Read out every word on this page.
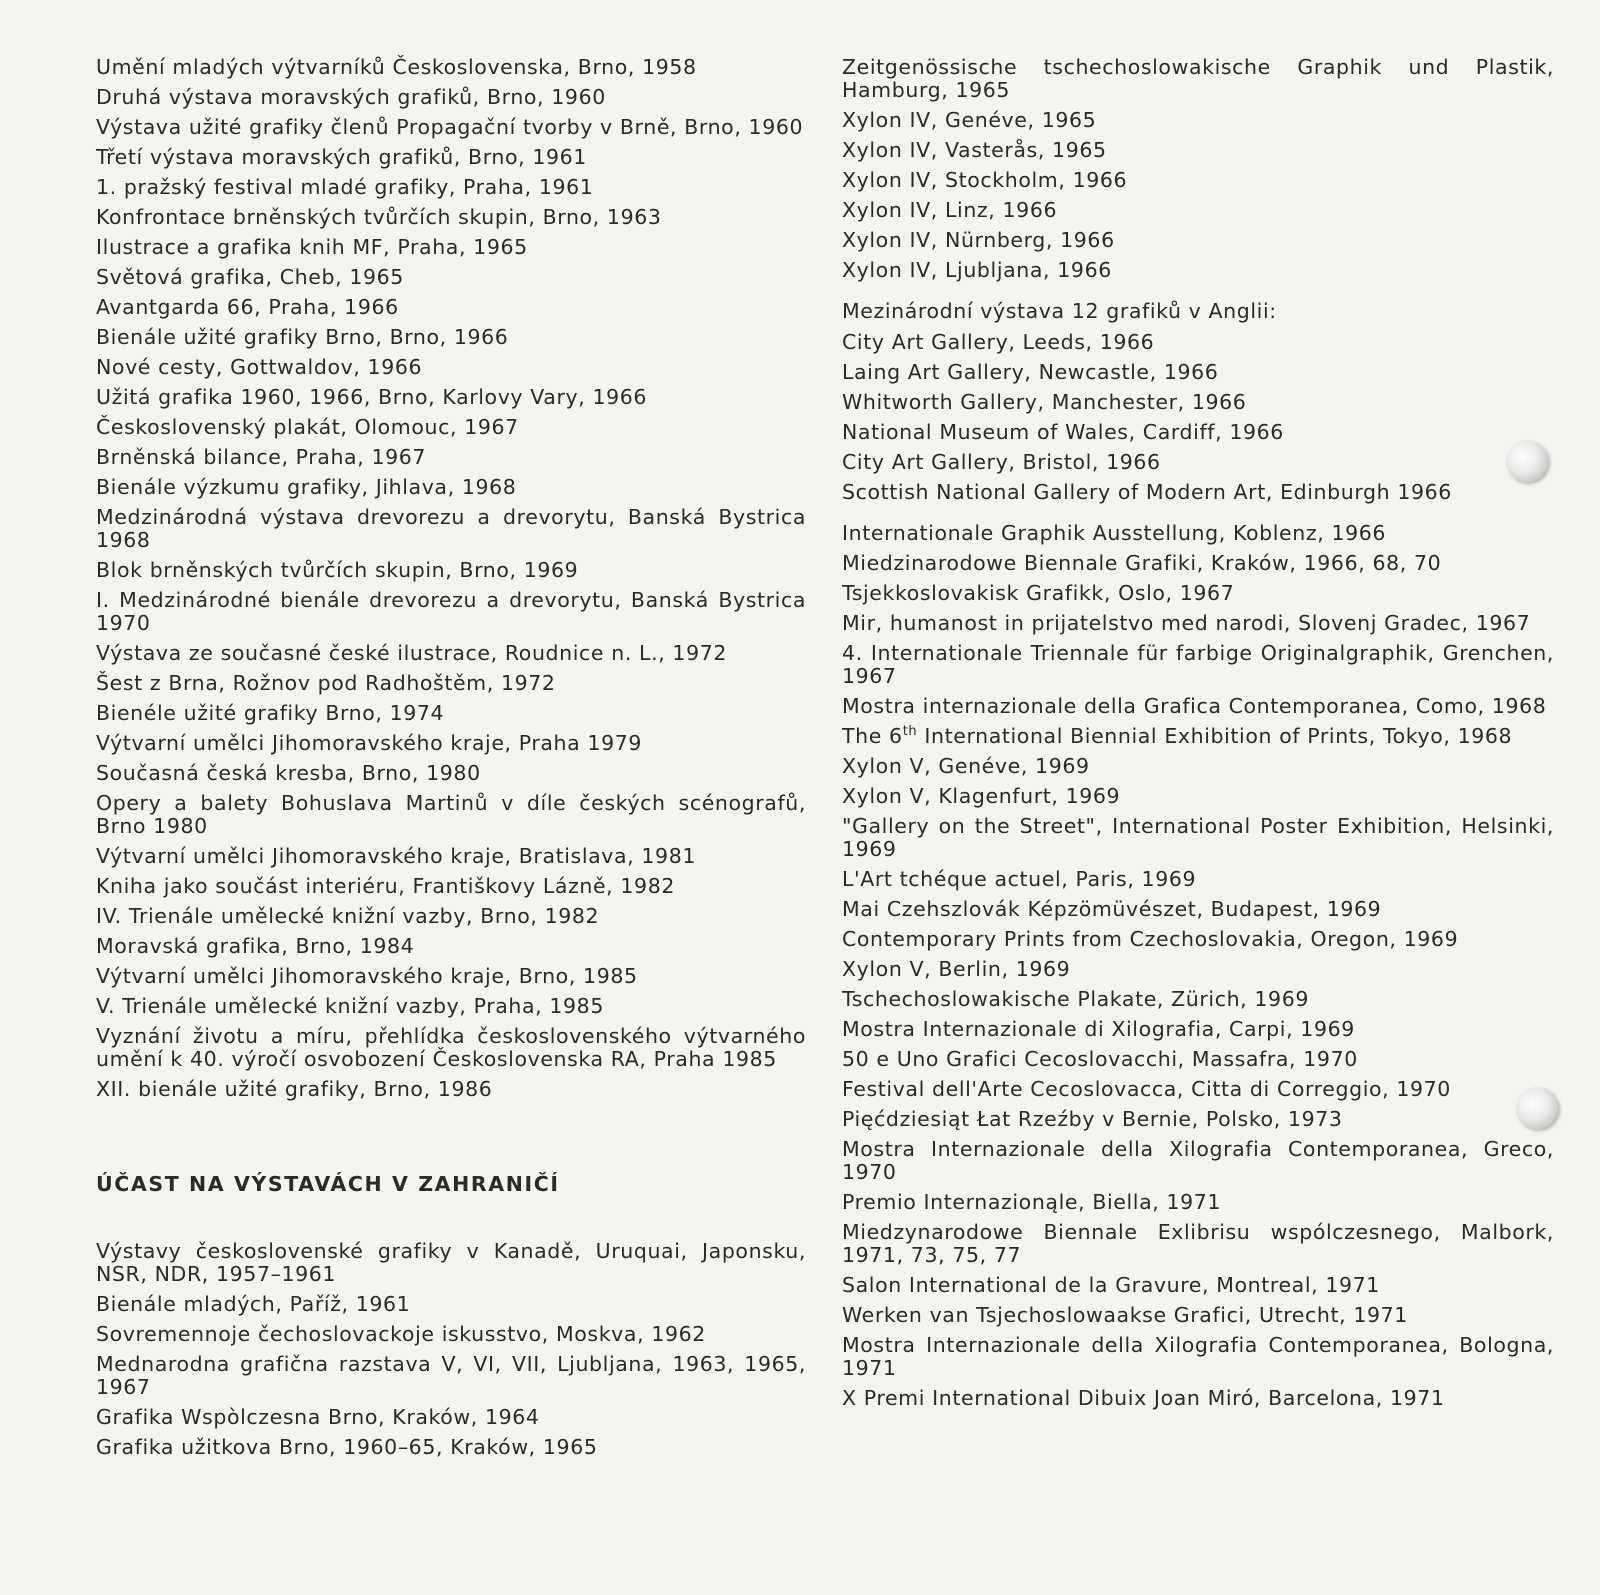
Umění mladých výtvarníků Československa, Brno, 1958

Druhá výstava moravských grafiků, Brno, 1960

Výstava užité grafiky členů Propagační tvorby v Brně, Brno, 1960

Třetí výstava moravských grafiků, Brno, 1961

1. pražský festival mladé grafiky, Praha, 1961

Konfrontace brněnských tvůrčích skupin, Brno, 1963

Ilustrace a grafika knih MF, Praha, 1965

Světová grafika, Cheb, 1965

Avantgarda 66, Praha, 1966

Bienále užité grafiky Brno, Brno, 1966

Nové cesty, Gottwaldov, 1966

Užitá grafika 1960, 1966, Brno, Karlovy Vary, 1966

Československý plakát, Olomouc, 1967

Brněnská bilance, Praha, 1967

Bienále výzkumu grafiky, Jihlava, 1968

Medzinárodná výstava drevorezu a drevorytu, Banská Bystrica 1968

Blok brněnských tvůrčích skupin, Brno, 1969

I. Medzinárodné bienále drevorezu a drevorytu, Banská Bystrica 1970

Výstava ze současné české ilustrace, Roudnice n. L., 1972

Šest z Brna, Rožnov pod Radhoštěm, 1972

Bienéle užité grafiky Brno, 1974

Výtvarní umělci Jihomoravského kraje, Praha 1979

Současná česká kresba, Brno, 1980

Opery a balety Bohuslava Martinů v díle českých scénografů, Brno 1980

Výtvarní umělci Jihomoravského kraje, Bratislava, 1981

Kniha jako součást interiéru, Františkovy Lázně, 1982

IV. Trienále umělecké knižní vazby, Brno, 1982

Moravská grafika, Brno, 1984

Výtvarní umělci Jihomoravského kraje, Brno, 1985

V. Trienále umělecké knižní vazby, Praha, 1985

Vyznání životu a míru, přehlídka československého výtvarného umění k 40. výročí osvobození Československa RA, Praha 1985

XII. bienále užité grafiky, Brno, 1986

ÚČAST NA VÝSTAVÁCH V ZAHRANIČÍ

Výstavy československé grafiky v Kanadě, Uruquai, Japonsku, NSR, NDR, 1957–1961

Bienále mladých, Paříž, 1961

Sovremennoje čechoslovackoje iskusstvo, Moskva, 1962

Mednarodna grafična razstava V, VI, VII, Ljubljana, 1963, 1965, 1967

Grafika Wspòlczesna Brno, Kraków, 1964

Grafika užitkova Brno, 1960–65, Kraków, 1965

Zeitgenössische tschechoslowakische Graphik und Plastik, Hamburg, 1965

Xylon IV, Genéve, 1965

Xylon IV, Vasterås, 1965

Xylon IV, Stockholm, 1966

Xylon IV, Linz, 1966

Xylon IV, Nürnberg, 1966

Xylon IV, Ljubljana, 1966

Mezinárodní výstava 12 grafiků v Anglii:

City Art Gallery, Leeds, 1966

Laing Art Gallery, Newcastle, 1966

Whitworth Gallery, Manchester, 1966

National Museum of Wales, Cardiff, 1966

City Art Gallery, Bristol, 1966

Scottish National Gallery of Modern Art, Edinburgh 1966

Internationale Graphik Ausstellung, Koblenz, 1966

Miedzinarodowe Biennale Grafiki, Kraków, 1966, 68, 70

Tsjekkoslovakisk Grafikk, Oslo, 1967

Mir, humanost in prijatelstvo med narodi, Slovenj Gradec, 1967

4. Internationale Triennale für farbige Originalgraphik, Grenchen, 1967

Mostra internazionale della Grafica Contemporanea, Como, 1968

The 6th International Biennial Exhibition of Prints, Tokyo, 1968

Xylon V, Genéve, 1969

Xylon V, Klagenfurt, 1969

"Gallery on the Street", International Poster Exhibition, Helsinki, 1969

L'Art tchéque actuel, Paris, 1969

Mai Czehszlovák Képzömüvészet, Budapest, 1969

Contemporary Prints from Czechoslovakia, Oregon, 1969

Xylon V, Berlin, 1969

Tschechoslowakische Plakate, Zürich, 1969

Mostra Internazionale di Xilografia, Carpi, 1969

50 e Uno Grafici Cecoslovacchi, Massafra, 1970

Festival dell'Arte Cecoslovacca, Citta di Correggio, 1970

Pięćdziesiąt Łat Rzeźby v Bernie, Polsko, 1973

Mostra Internazionale della Xilografia Contemporanea, Greco, 1970

Premio Internazionąle, Biella, 1971

Miedzynarodowe Biennale Exlibrisu wspólczesnego, Malbork, 1971, 73, 75, 77

Salon International de la Gravure, Montreal, 1971

Werken van Tsjechoslowaakse Grafici, Utrecht, 1971

Mostra Internazionale della Xilografia Contemporanea, Bologna, 1971

X Premi International Dibuix Joan Miró, Barcelona, 1971
